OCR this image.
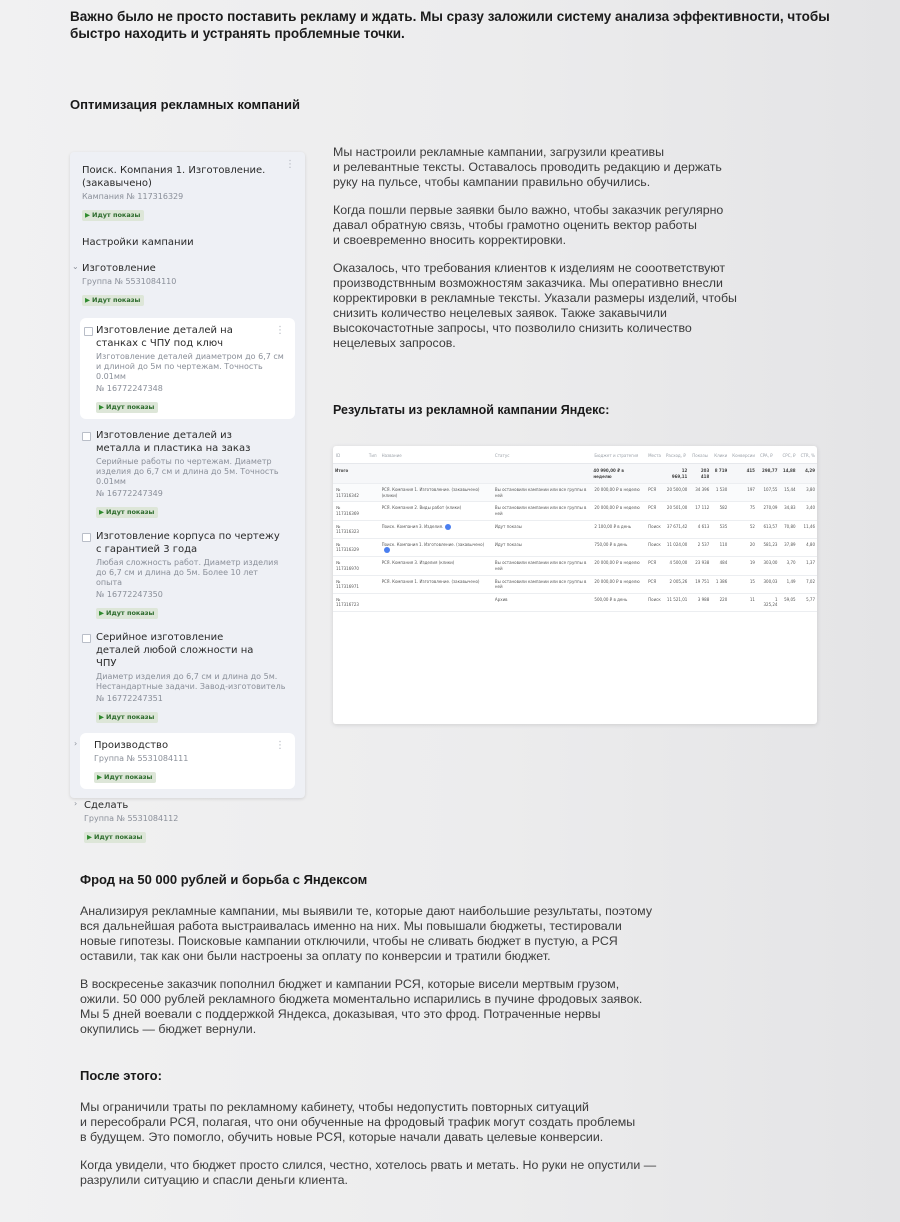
Важно было не просто поставить рекламу и ждать. Мы сразу заложили систему анализа эффективности, чтобы быстро находить и устранять проблемные точки.
Оптимизация рекламных компаний
Поиск. Компания 1. Изготовление. (закавычено)
Кампания № 117316329
▶ Идут показы
⋮
Настройки кампании
⌄ Изготовление
Группа № 5531084110
▶ Идут показы
Изготовление деталей на станках с ЧПУ под ключ
Изготовление деталей диаметром до 6,7 см и длиной до 5м по чертежам. Точность 0.01мм
№ 16772247348
▶ Идут показы
⋮
Изготовление деталей из металла и пластика на заказ
Серийные работы по чертежам. Диаметр изделия до 6,7 см и длина до 5м. Точность 0.01мм
№ 16772247349
▶ Идут показы
Изготовление корпуса по чертежу с гарантией 3 года
Любая сложность работ. Диаметр изделия до 6,7 см и длина до 5м. Более 10 лет опыта
№ 16772247350
▶ Идут показы
Серийное изготовление деталей любой сложности на ЧПУ
Диаметр изделия до 6,7 см и длина до 5м. Нестандартные задачи. Завод-изготовитель
№ 16772247351
▶ Идут показы
› Производство
Группа № 5531084111
▶ Идут показы
⋮
› Сделать
Группа № 5531084112
▶ Идут показы

Мы настроили рекламные кампании, загрузили креативы
и релевантные тексты. Оставалось проводить редакцию и держать
руку на пульсе, чтобы кампании правильно обучились.

Когда пошли первые заявки было важно, чтобы заказчик регулярно
давал обратную связь, чтобы грамотно оценить вектор работы
и своевременно вносить корректировки.

Оказалось, что требования клиентов к изделиям не сооответствуют
производствнным возможностям заказчика. Мы оперативно внесли
корректировки в рекламные тексты. Указали размеры изделий, чтобы
снизить количество нецелевых заявок. Также закавычили
высокочастотные запросы, что позволило снизить количество
нецелевых запросов.

Результаты из рекламной кампании Яндекс:
ID	Тип	Название	Статус	Бюджет и стратегия	Места	Расход, ₽	Показы	Клики	Конверсии	CPA, ₽	CPC, ₽	CTR, %
Итого				40 990,00 ₽ в неделю		12 969,11	203 418	8 719	415	298,77	14,88	4,29
№ 117316342		РСЯ. Компания 1. Изготовление. (закавычено) (клики)	Вы остановили кампании или все группы в ней	20 000,00 ₽ в неделю	РСЯ	20 500,00	34 396	1 530	197	107,55	15,44	3,80
№ 117316369		РСЯ. Компания 2. Виды работ (клики)	Вы остановили кампании или все группы в ней	20 000,00 ₽ в неделю	РСЯ	20 501,00	17 112	582	75	270,09	34,83	3,40
№ 117316323		Поиск. Компания 3. Изделия.	Идут показы	2 100,00 ₽ в день	Поиск	37 671,42	4 613	535	52	613,57	70,80	11,46
№ 117316329		Поиск. Компания 1. Изготовление. (закавычено)	Идут показы	750,00 ₽ в день	Поиск	11 024,00	2 537	110	20	581,23	37,89	4,80
№ 117316970		РСЯ. Компания 3. Изделия (клики)	Вы остановили кампании или все группы в ней	20 000,00 ₽ в неделю	РСЯ	4 500,00	23 938	484	19	303,00	3,70	1,37
№ 117316971		РСЯ. Компания 1. Изготовление. (закавычено)	Вы остановили кампании или все группы в ней	20 000,00 ₽ в неделю	РСЯ	2 005,26	19 751	1 386	15	300,03	1,49	7,02
№ 117316723			Архив	500,00 ₽ в день	Поиск	11 521,01	3 988	220	11	1 325,24	59,05	5,77
Фрод на 50 000 рублей и борьба с Яндексом

Анализируя рекламные кампании, мы выявили те, которые дают наибольшие результаты, поэтому
вся дальнейшая работа выстраивалась именно на них. Мы повышали бюджеты, тестировали
новые гипотезы. Поисковые кампании отключили, чтобы не сливать бюджет в пустую, а РСЯ
оставили, так как они были настроены за оплату по конверсии и тратили бюджет.

В воскресенье заказчик пополнил бюджет и кампании РСЯ, которые висели мертвым грузом,
ожили. 50 000 рублей рекламного бюджета моментально испарились в пучине фродовых заявок.
Мы 5 дней воевали с поддержкой Яндекса, доказывая, что это фрод. Потраченные нервы
окупились — бюджет вернули.

После этого:

Мы ограничили траты по рекламному кабинету, чтобы недопустить повторных ситуаций
и пересобрали РСЯ, полагая, что они обученные на фродовый трафик могут создать проблемы
в будущем. Это помогло, обучить новые РСЯ, которые начали давать целевые конверсии.

Когда увидели, что бюджет просто слился, честно, хотелось рвать и метать. Но руки не опустили —
разрулили ситуацию и спасли деньги клиента.
